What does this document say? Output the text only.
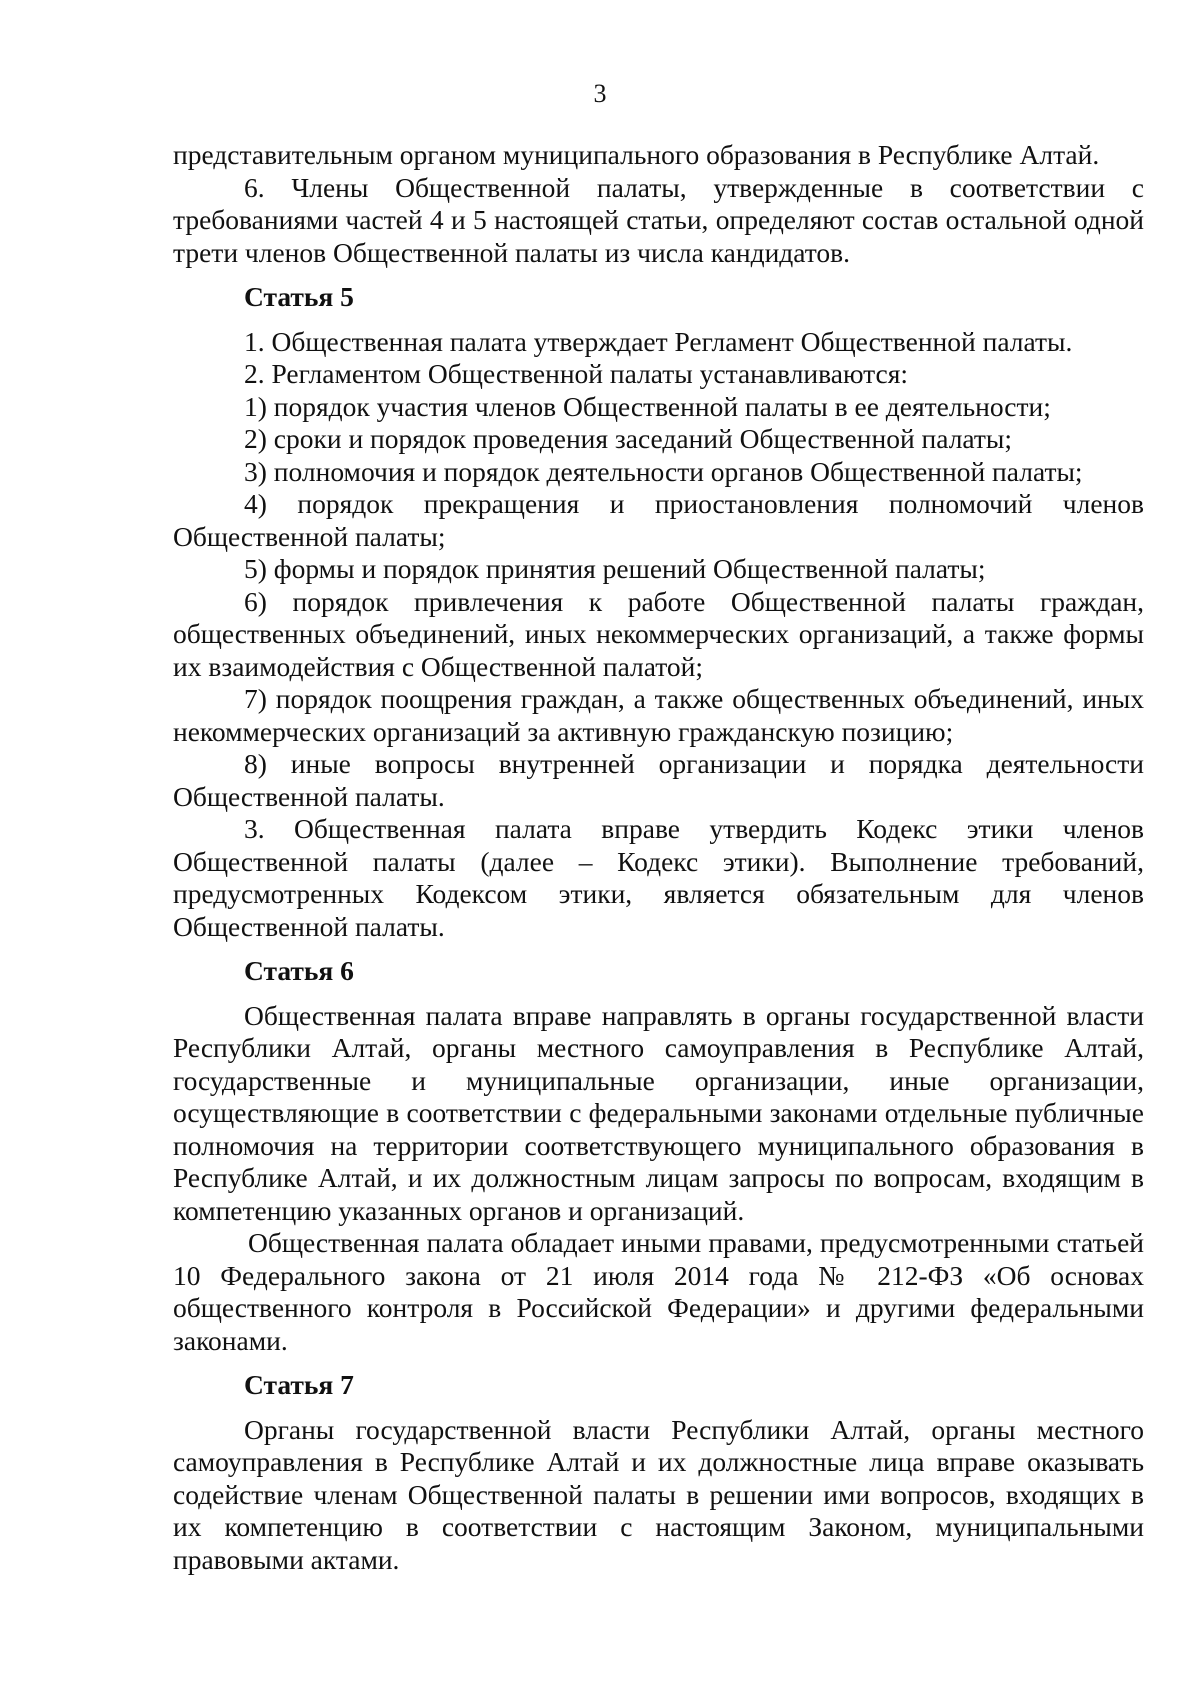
3

представительным органом муниципального образования в Республике Алтай.

6. Члены Общественной палаты, утвержденные в соответствии с требованиями частей 4 и 5 настоящей статьи, определяют состав остальной одной трети членов Общественной палаты из числа кандидатов.

Статья 5

1. Общественная палата утверждает Регламент Общественной палаты.

2. Регламентом Общественной палаты устанавливаются:

1) порядок участия членов Общественной палаты в ее деятельности;

2) сроки и порядок проведения заседаний Общественной палаты;

3) полномочия и порядок деятельности органов Общественной палаты;

4) порядок прекращения и приостановления полномочий членов Общественной палаты;

5) формы и порядок принятия решений Общественной палаты;

6) порядок привлечения к работе Общественной палаты граждан, общественных объединений, иных некоммерческих организаций, а также формы их взаимодействия с Общественной палатой;

7) порядок поощрения граждан, а также общественных объединений, иных некоммерческих организаций за активную гражданскую позицию;

8) иные вопросы внутренней организации и порядка деятельности Общественной палаты.

3. Общественная палата вправе утвердить Кодекс этики членов Общественной палаты (далее – Кодекс этики). Выполнение требований, предусмотренных Кодексом этики, является обязательным для членов Общественной палаты.

Статья 6

Общественная палата вправе направлять в органы государственной власти Республики Алтай, органы местного самоуправления в Республике Алтай, государственные и муниципальные организации, иные организации, осуществляющие в соответствии с федеральными законами отдельные публичные полномочия на территории соответствующего муниципального образования в Республике Алтай, и их должностным лицам запросы по вопросам, входящим в компетенцию указанных органов и организаций.

Общественная палата обладает иными правами, предусмотренными статьей 10 Федерального закона от 21 июля 2014 года № 212-ФЗ «Об основах общественного контроля в Российской Федерации» и другими федеральными законами.

Статья 7

Органы государственной власти Республики Алтай, органы местного самоуправления в Республике Алтай и их должностные лица вправе оказывать содействие членам Общественной палаты в решении ими вопросов, входящих в их компетенцию в соответствии с настоящим Законом, муниципальными правовыми актами.
